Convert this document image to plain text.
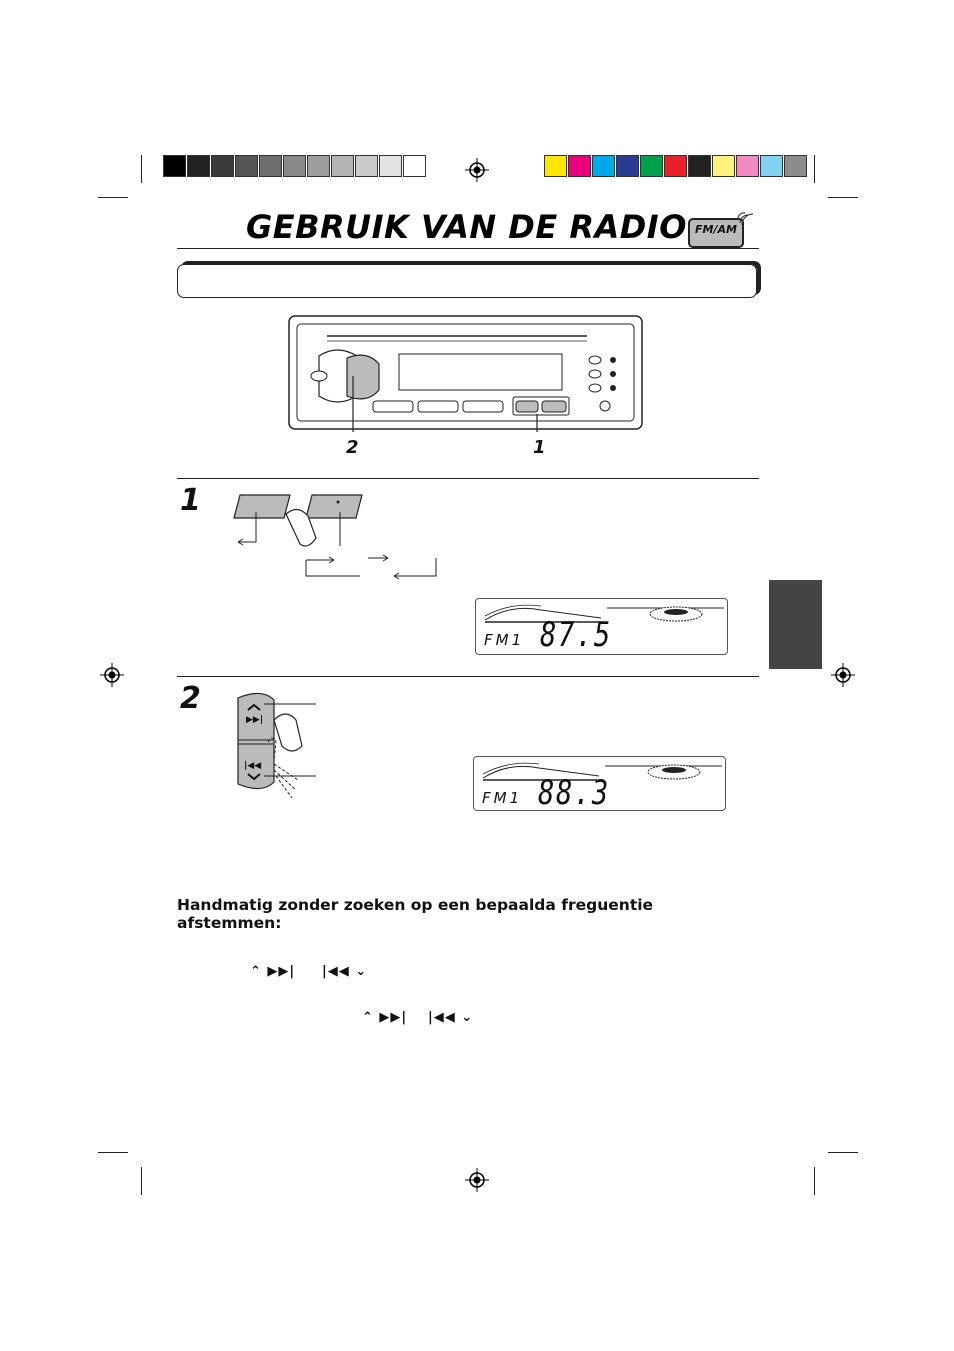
GEBRUIK VAN DE RADIO FM/AM
2	1
1
FM1 87.5
2
▶▶|
|◀◀
FM1 88.3
Handmatig zonder zoeken op een bepaalda freguentie afstemmen:
⌃ ▶▶| |◀◀ ⌄
⌃ ▶▶| |◀◀ ⌄
